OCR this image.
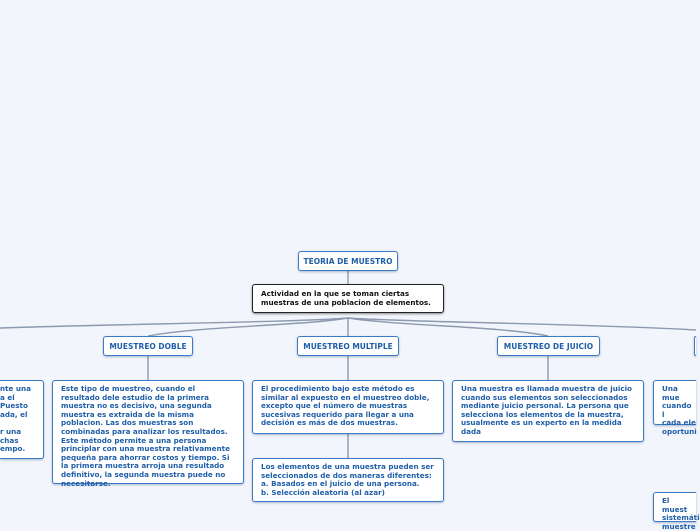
TEORIA DE MUESTRO
Actividad en la que se toman ciertas muestras de una poblacion de elementos.
nte una
a el
Puesto
ada, el
r una
chas
empo.
MUESTREO DOBLE
Este tipo de muestreo, cuando el resultado dele estudio de la primera muestra no es decisivo, una segunda muestra es extraida de la misma poblacion. Las dos muestras son combinadas para analizar los resultados. Este método permite a una persona principlar con una muestra relativamente pequeña para ahorrar costos y tiempo. Si la primera muestra arroja una resultado definitivo, la segunda muestra puede no necesitarse.
MUESTREO MULTIPLE
El procedimiento bajo este método es similar al expuesto en el muestreo doble, excepto que el número de muestras sucesivas requerido para llegar a una decisión es más de dos muestras.
Los elementos de una muestra pueden ser seleccionados de dos maneras diferentes:
a. Basados en el juicio de una persona.
b. Selección aleatoria (al azar)
MUESTREO DE JUICIO
Una muestra es llamada muestra de juicio cuando sus elementos son seleccionados mediante juicio personal. La persona que selecciona los elementos de la muestra, usualmente es un experto en la medida dada
Una mue
cuando l
cada ele
oportuni
El muest
sistemáti
muestre
